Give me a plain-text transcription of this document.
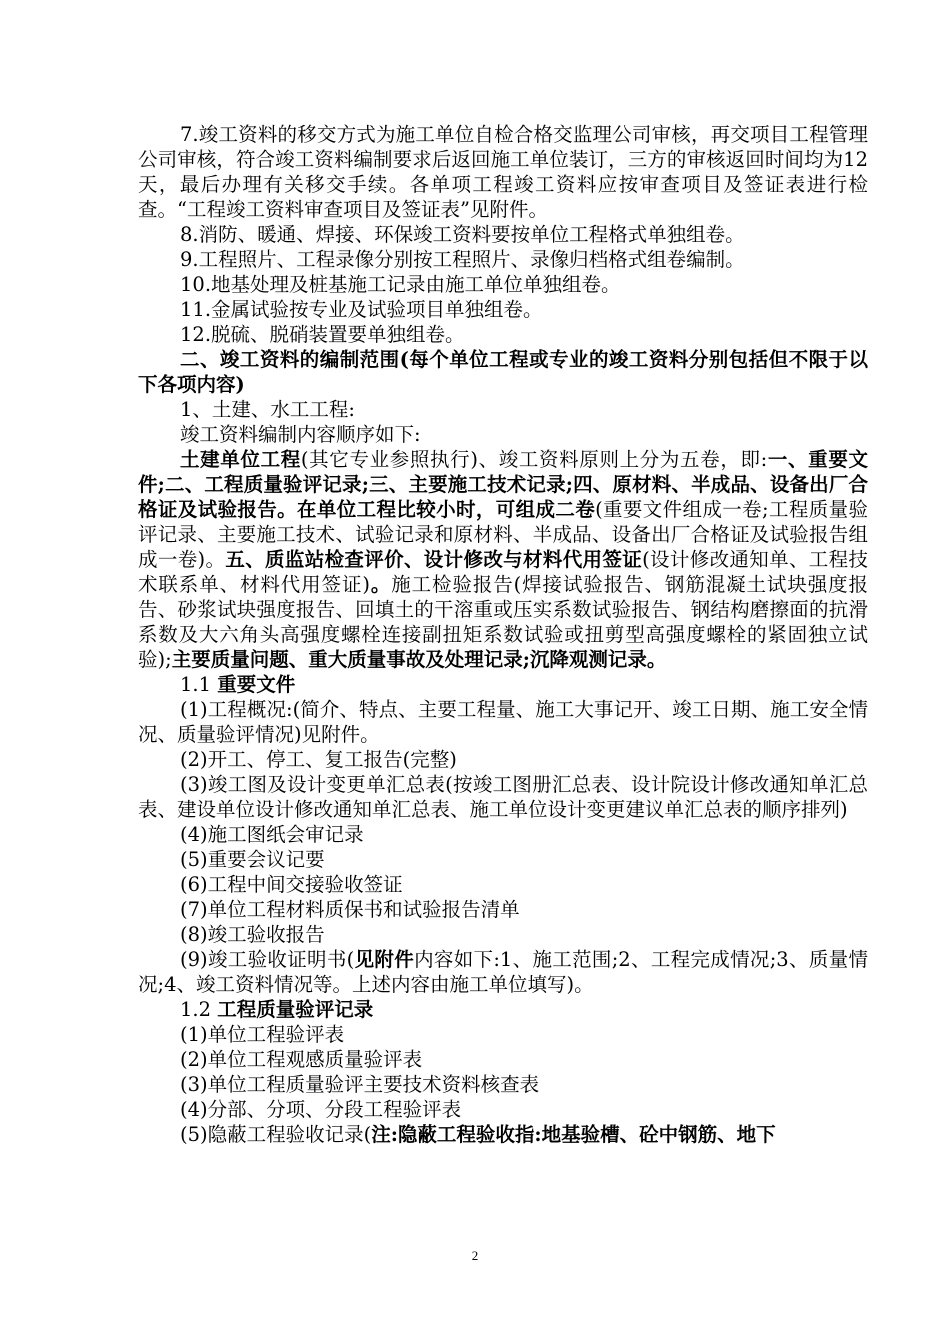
7.竣工资料的移交方式为施工单位自检合格交监理公司审核，再交项目工程管理公司审核，符合竣工资料编制要求后返回施工单位装订，三方的审核返回时间均为12天，最后办理有关移交手续。各单项工程竣工资料应按审查项目及签证表进行检查。“工程竣工资料审查项目及签证表”见附件。

8.消防、暖通、焊接、环保竣工资料要按单位工程格式单独组卷。

9.工程照片、工程录像分别按工程照片、录像归档格式组卷编制。

10.地基处理及桩基施工记录由施工单位单独组卷。

11.金属试验按专业及试验项目单独组卷。

12.脱硫、脱硝装置要单独组卷。

二、竣工资料的编制范围(每个单位工程或专业的竣工资料分别包括但不限于以下各项内容)

1、土建、水工工程:

竣工资料编制内容顺序如下:

土建单位工程(其它专业参照执行)、竣工资料原则上分为五卷，即:一、重要文件;二、工程质量验评记录;三、主要施工技术记录;四、原材料、半成品、设备出厂合格证及试验报告。在单位工程比较小时，可组成二卷(重要文件组成一卷;工程质量验评记录、主要施工技术、试验记录和原材料、半成品、设备出厂合格证及试验报告组成一卷)。五、质监站检查评价、设计修改与材料代用签证(设计修改通知单、工程技术联系单、材料代用签证)。施工检验报告(焊接试验报告、钢筋混凝土试块强度报告、砂浆试块强度报告、回填土的干溶重或压实系数试验报告、钢结构磨擦面的抗滑系数及大六角头高强度螺栓连接副扭矩系数试验或扭剪型高强度螺栓的紧固独立试验);主要质量问题、重大质量事故及处理记录;沉降观测记录。

1.1 重要文件

(1)工程概况:(简介、特点、主要工程量、施工大事记开、竣工日期、施工安全情况、质量验评情况)见附件。

(2)开工、停工、复工报告(完整)

(3)竣工图及设计变更单汇总表(按竣工图册汇总表、设计院设计修改通知单汇总表、建设单位设计修改通知单汇总表、施工单位设计变更建议单汇总表的顺序排列)

(4)施工图纸会审记录

(5)重要会议记要

(6)工程中间交接验收签证

(7)单位工程材料质保书和试验报告清单

(8)竣工验收报告

(9)竣工验收证明书(见附件内容如下:1、施工范围;2、工程完成情况;3、质量情况;4、竣工资料情况等。上述内容由施工单位填写)。

1.2 工程质量验评记录

(1)单位工程验评表

(2)单位工程观感质量验评表

(3)单位工程质量验评主要技术资料核查表

(4)分部、分项、分段工程验评表

(5)隐蔽工程验收记录(注:隐蔽工程验收指:地基验槽、砼中钢筋、地下

2
